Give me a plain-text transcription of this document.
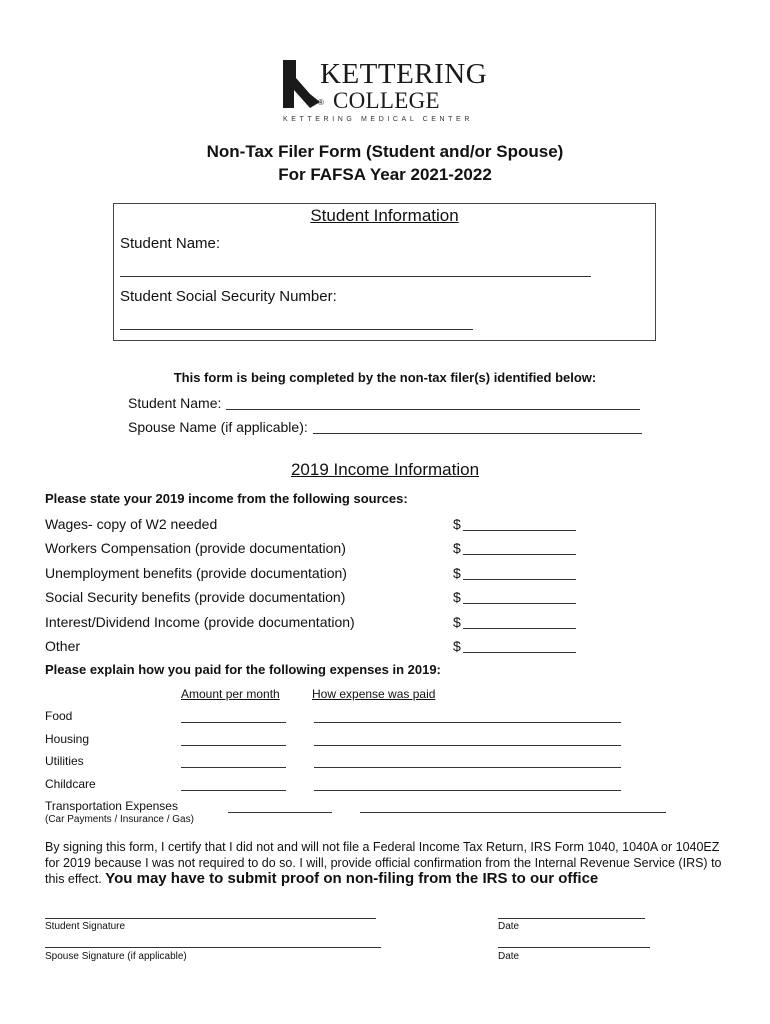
KETTERING
® COLLEGE
KETTERING MEDICAL CENTER
Non-Tax Filer Form (Student and/or Spouse)
For FAFSA Year 2021-2022
Student Information
Student Name:
Student Social Security Number:
This form is being completed by the non-tax filer(s) identified below:
Student Name:
Spouse Name (if applicable):
2019 Income Information
Please state your 2019 income from the following sources:
Wages- copy of W2 needed	$
Workers Compensation (provide documentation)	$
Unemployment benefits (provide documentation)	$
Social Security benefits (provide documentation)	$
Interest/Dividend Income (provide documentation)	$
Other	$
Please explain how you paid for the following expenses in 2019:
Amount per month	How expense was paid
Food
Housing
Utilities
Childcare
Transportation Expenses
(Car Payments / Insurance / Gas)
By signing this form, I certify that I did not and will not file a Federal Income Tax Return, IRS Form 1040, 1040A or 1040EZ for 2019 because I was not required to do so. I will, provide official confirmation from the Internal Revenue Service (IRS) to this effect. You may have to submit proof on non-filing from the IRS to our office
Student Signature	Date
Spouse Signature (if applicable)	Date
